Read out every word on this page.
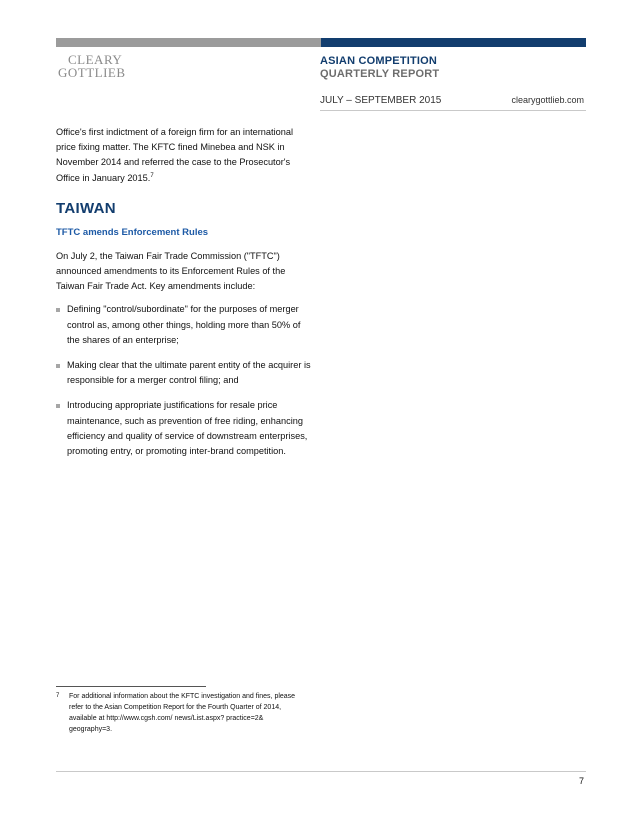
CLEARY
GOTTLIEB
ASIAN COMPETITION
QUARTERLY REPORT
JULY – SEPTEMBER 2015	clearygottlieb.com

Office's first indictment of a foreign firm for an international price fixing matter. The KFTC fined Minebea and NSK in November 2014 and referred the case to the Prosecutor's Office in January 2015.$^7$

TAIWAN
TFTC amends Enforcement Rules

On July 2, the Taiwan Fair Trade Commission ("TFTC") announced amendments to its Enforcement Rules of the Taiwan Fair Trade Act. Key amendments include:

Defining "control/subordinate" for the purposes of merger control as, among other things, holding more than 50% of the shares of an enterprise;
Making clear that the ultimate parent entity of the acquirer is responsible for a merger control filing; and
Introducing appropriate justifications for resale price maintenance, such as prevention of free riding, enhancing efficiency and quality of service of downstream enterprises, promoting entry, or promoting inter-brand competition.
7	For additional information about the KFTC investigation and fines, please refer to the Asian Competition Report for the Fourth Quarter of 2014, available at http://www.cgsh.com/ news/List.aspx? practice=2& geography=3.
7
